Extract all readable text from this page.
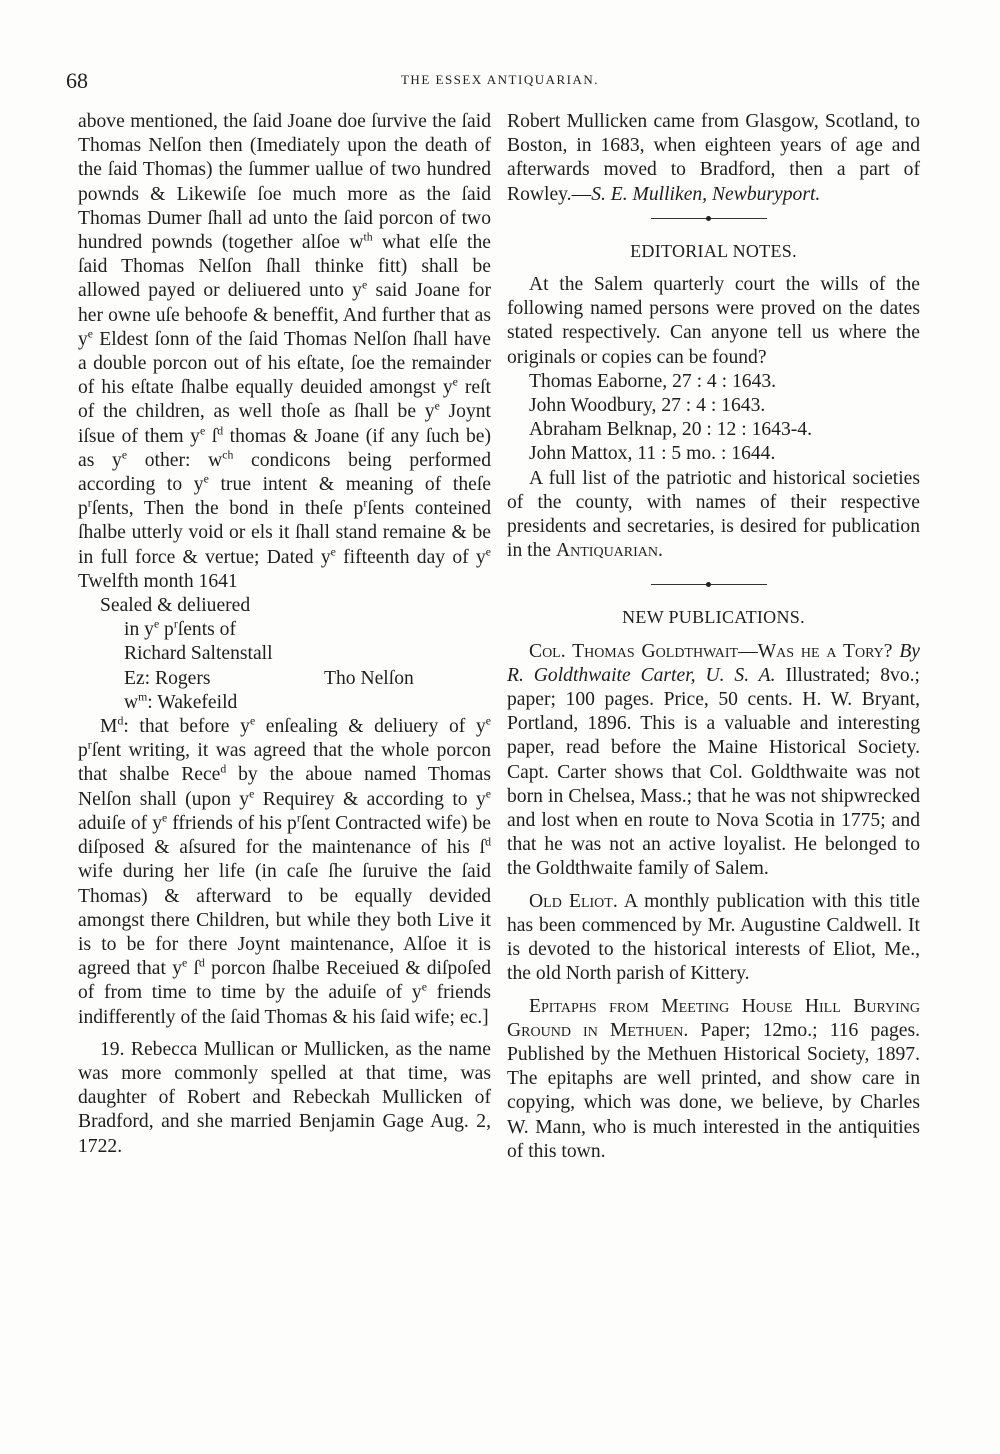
68	THE ESSEX ANTIQUARIAN.

above mentioned, the ſaid Joane doe ſurvive the ſaid Thomas Nelſon then (Imediately upon the death of the ſaid Thomas) the ſummer uallue of two hundred pownds & Likewiſe ſoe much more as the ſaid Thomas Dumer ſhall ad unto the ſaid porcon of two hundred pownds (together alſoe $w^{th}$ what elſe the ſaid Thomas Nelſon ſhall thinke fitt) shall be allowed payed or deliuered unto $y^e$ said Joane for her owne uſe behoofe & beneffit, And further that as $y^e$ Eldest ſonn of the ſaid Thomas Nelſon ſhall have a double porcon out of his eſtate, ſoe the remainder of his eſtate ſhalbe equally deuided amongst $y^e$ reſt of the children, as well thoſe as ſhall be $y^e$ Joynt iſsue of them $y^e$ $ſ^d$ thomas & Joane (if any ſuch be) as $y^e$ other: $w^{ch}$ condicons being performed according to $y^e$ true intent & meaning of theſe $p^rſents$, Then the bond in theſe $p^rſents$ conteined ſhalbe utterly void or els it ſhall stand remaine & be in full force & vertue; Dated $y^e$ fifteenth day of $y^e$ Twelfth month 1641

Sealed & deliuered
in $y^e$ $p^rſents$ of
Richard Saltenstall
Ez: Rogers	Tho Nelſon
$w^m$: Wakefeild

$M^d$: that before $y^e$ enſealing & deliuery of $y^e$ $p^rſent$ writing, it was agreed that the whole porcon that shalbe Rece$^d$ by the aboue named Thomas Nelſon shall (upon $y^e$ Requirey & according to $y^e$ aduiſe of $y^e$ ffriends of his $p^rſent$ Contracted wife) be diſposed & aſsured for the maintenance of his $ſ^d$ wife during her life (in caſe ſhe ſuruive the ſaid Thomas) & afterward to be equally devided amongst there Children, but while they both Live it is to be for there Joynt maintenance, Alſoe it is agreed that $y^e$ $ſ^d$ porcon ſhalbe Receiued & diſpoſed of from time to time by the aduiſe of $y^e$ friends indifferently of the ſaid Thomas & his ſaid wife; ec.]

19. Rebecca Mullican or Mullicken, as the name was more commonly spelled at that time, was daughter of Robert and Rebeckah Mullicken of Bradford, and she married Benjamin Gage Aug. 2, 1722.

Robert Mullicken came from Glasgow, Scotland, to Boston, in 1683, when eighteen years of age and afterwards moved to Bradford, then a part of Rowley.—S. E. Mulliken, Newburyport.

EDITORIAL NOTES.

At the Salem quarterly court the wills of the following named persons were proved on the dates stated respectively. Can anyone tell us where the originals or copies can be found?

Thomas Eaborne, 27 : 4 : 1643.
John Woodbury, 27 : 4 : 1643.
Abraham Belknap, 20 : 12 : 1643-4.
John Mattox, 11 : 5 mo. : 1644.

A full list of the patriotic and historical societies of the county, with names of their respective presidents and secretaries, is desired for publication in the Antiquarian.

NEW PUBLICATIONS.

Col. Thomas Goldthwait—Was he a Tory? By R. Goldthwaite Carter, U. S. A. Illustrated; 8vo.; paper; 100 pages. Price, 50 cents. H. W. Bryant, Portland, 1896. This is a valuable and interesting paper, read before the Maine Historical Society. Capt. Carter shows that Col. Goldthwaite was not born in Chelsea, Mass.; that he was not shipwrecked and lost when en route to Nova Scotia in 1775; and that he was not an active loyalist. He belonged to the Goldthwaite family of Salem.

Old Eliot. A monthly publication with this title has been commenced by Mr. Augustine Caldwell. It is devoted to the historical interests of Eliot, Me., the old North parish of Kittery.

Epitaphs from Meeting House Hill Burying Ground in Methuen. Paper; 12mo.; 116 pages. Published by the Methuen Historical Society, 1897. The epitaphs are well printed, and show care in copying, which was done, we believe, by Charles W. Mann, who is much interested in the antiquities of this town.
